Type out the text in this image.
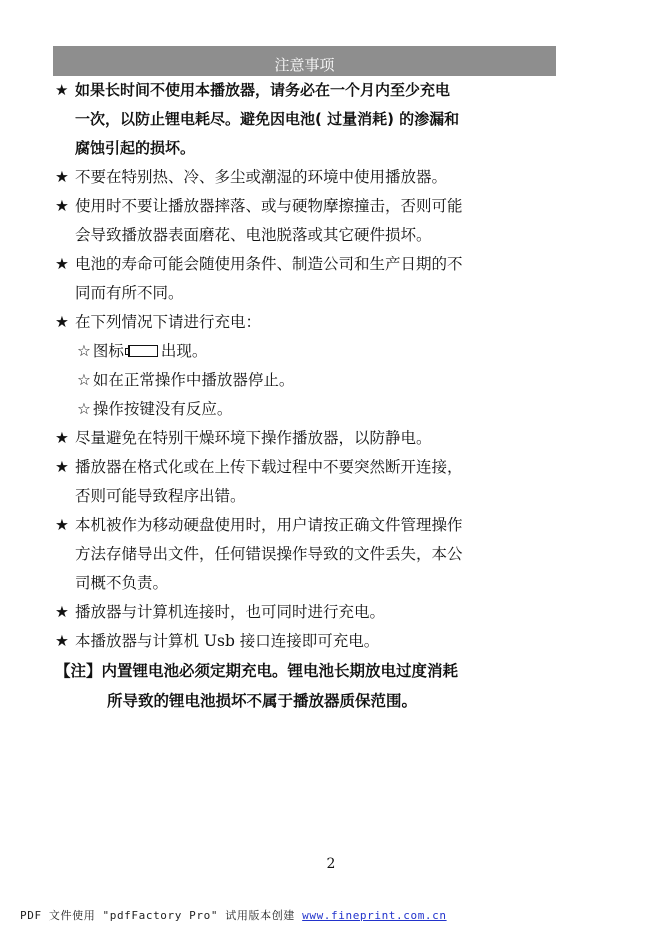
注意事项

★ 如果长时间不使用本播放器，请务必在一个月内至少充电
一次，以防止锂电耗尽。避免因电池( 过量消耗) 的渗漏和
腐蚀引起的损坏。

★ 不要在特别热、冷、多尘或潮湿的环境中使用播放器。

★ 使用时不要让播放器摔落、或与硬物摩擦撞击，否则可能
会导致播放器表面磨花、电池脱落或其它硬件损坏。

★ 电池的寿命可能会随使用条件、制造公司和生产日期的不
同而有所不同。

★ 在下列情况下请进行充电：

☆ 图标 出现。

☆ 如在正常操作中播放器停止。

☆ 操作按键没有反应。

★ 尽量避免在特别干燥环境下操作播放器，以防静电。

★ 播放器在格式化或在上传下载过程中不要突然断开连接，
否则可能导致程序出错。

★ 本机被作为移动硬盘使用时，用户请按正确文件管理操作
方法存储导出文件，任何错误操作导致的文件丢失，本公
司概不负责。

★ 播放器与计算机连接时，也可同时进行充电。

★ 本播放器与计算机 Usb 接口连接即可充电。

【注】内置锂电池必须定期充电。锂电池长期放电过度消耗
所导致的锂电池损坏不属于播放器质保范围。
2
PDF 文件使用 "pdfFactory Pro" 试用版本创建 www.fineprint.com.cn
